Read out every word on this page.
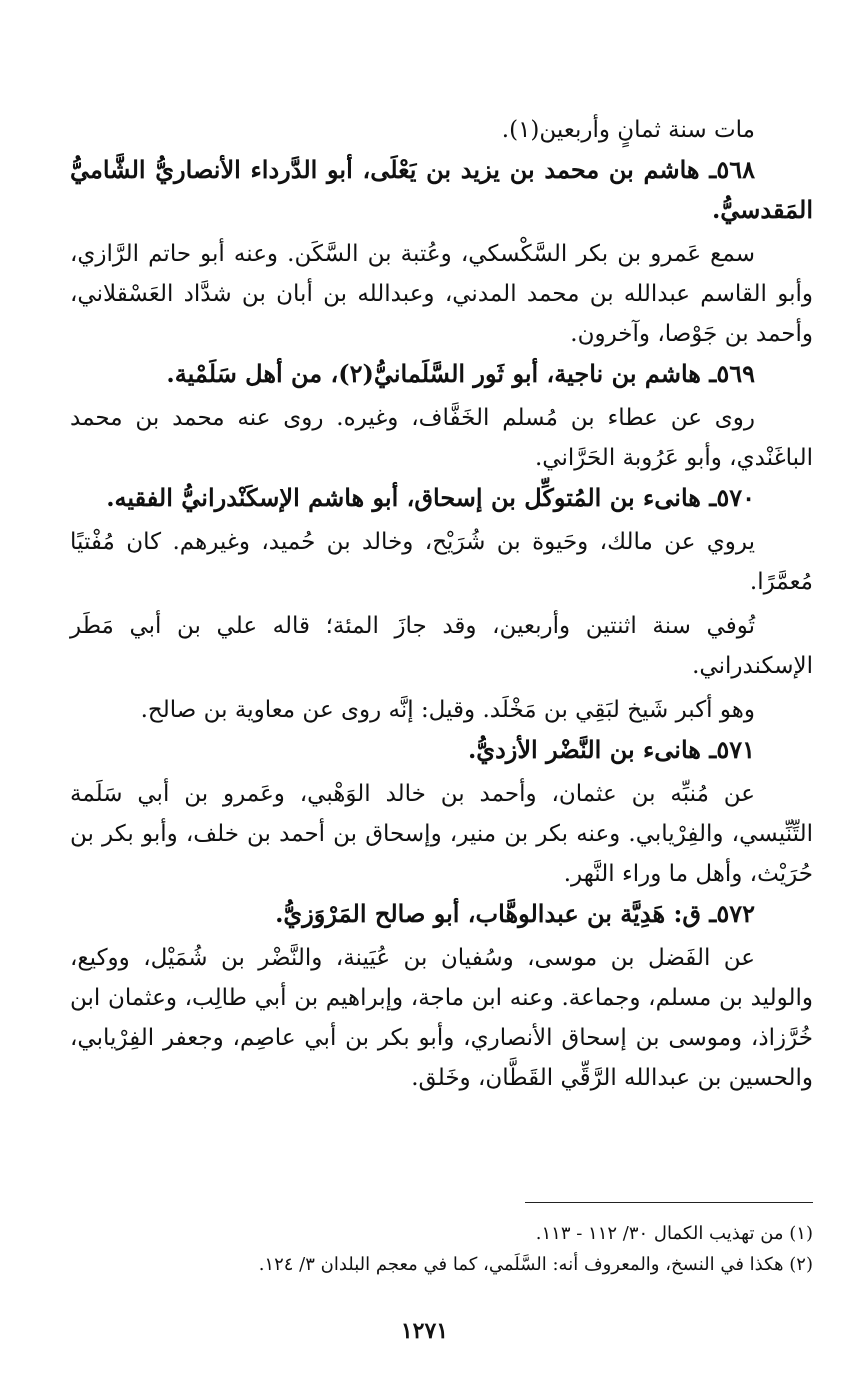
مات سنة ثمانٍ وأربعين(١).

٥٦٨ـ هاشم بن محمد بن يزيد بن يَعْلَى، أبو الدَّرداء الأنصاريُّ الشَّاميُّ المَقدسيُّ.

سمع عَمرو بن بكر السَّكْسكي، وعُتبة بن السَّكَن. وعنه أبو حاتم الرَّازي، وأبو القاسم عبدالله بن محمد المدني، وعبدالله بن أبان بن شدَّاد العَسْقلاني، وأحمد بن جَوْصا، وآخرون.

٥٦٩ـ هاشم بن ناجية، أبو ثَور السَّلَمانيُّ(٢)، من أهل سَلَمْية.

روى عن عطاء بن مُسلم الخَفَّاف، وغيره. روى عنه محمد بن محمد الباغَنْدي، وأبو عَرُوبة الحَرَّاني.

٥٧٠ـ هانىء بن المُتوكِّل بن إسحاق، أبو هاشم الإسكَنْدرانيُّ الفقيه.

يروي عن مالك، وحَيوة بن شُرَيْح، وخالد بن حُميد، وغيرهم. كان مُفْتيًا مُعمَّرًا.

تُوفي سنة اثنتين وأربعين، وقد جازَ المئة؛ قاله علي بن أبي مَطَر الإسكندراني.

وهو أكبر شَيخ لبَقِي بن مَخْلَد. وقيل: إنَّه روى عن معاوية بن صالح.

٥٧١ـ هانىء بن النَّضْر الأزديُّ.

عن مُنبِّه بن عثمان، وأحمد بن خالد الوَهْبي، وعَمرو بن أبي سَلَمة التِّنِّيسي، والفِرْيابي. وعنه بكر بن منير، وإسحاق بن أحمد بن خلف، وأبو بكر بن حُرَيْث، وأهل ما وراء النَّهر.

٥٧٢ـ ق: هَدِيَّة بن عبدالوهَّاب، أبو صالح المَرْوَزيُّ.

عن الفَضل بن موسى، وسُفيان بن عُيَينة، والنَّضْر بن شُمَيْل، ووكيع، والوليد بن مسلم، وجماعة. وعنه ابن ماجة، وإبراهيم بن أبي طالِب، وعثمان ابن خُرَّزاذ، وموسى بن إسحاق الأنصاري، وأبو بكر بن أبي عاصِم، وجعفر الفِرْيابي، والحسين بن عبدالله الرَّقِّي القَطَّان، وخَلق.

(١) من تهذيب الكمال ٣٠/ ١١٢ - ١١٣.
(٢) هكذا في النسخ، والمعروف أنه: السَّلَمي، كما في معجم البلدان ٣/ ١٢٤.
١٢٧١
